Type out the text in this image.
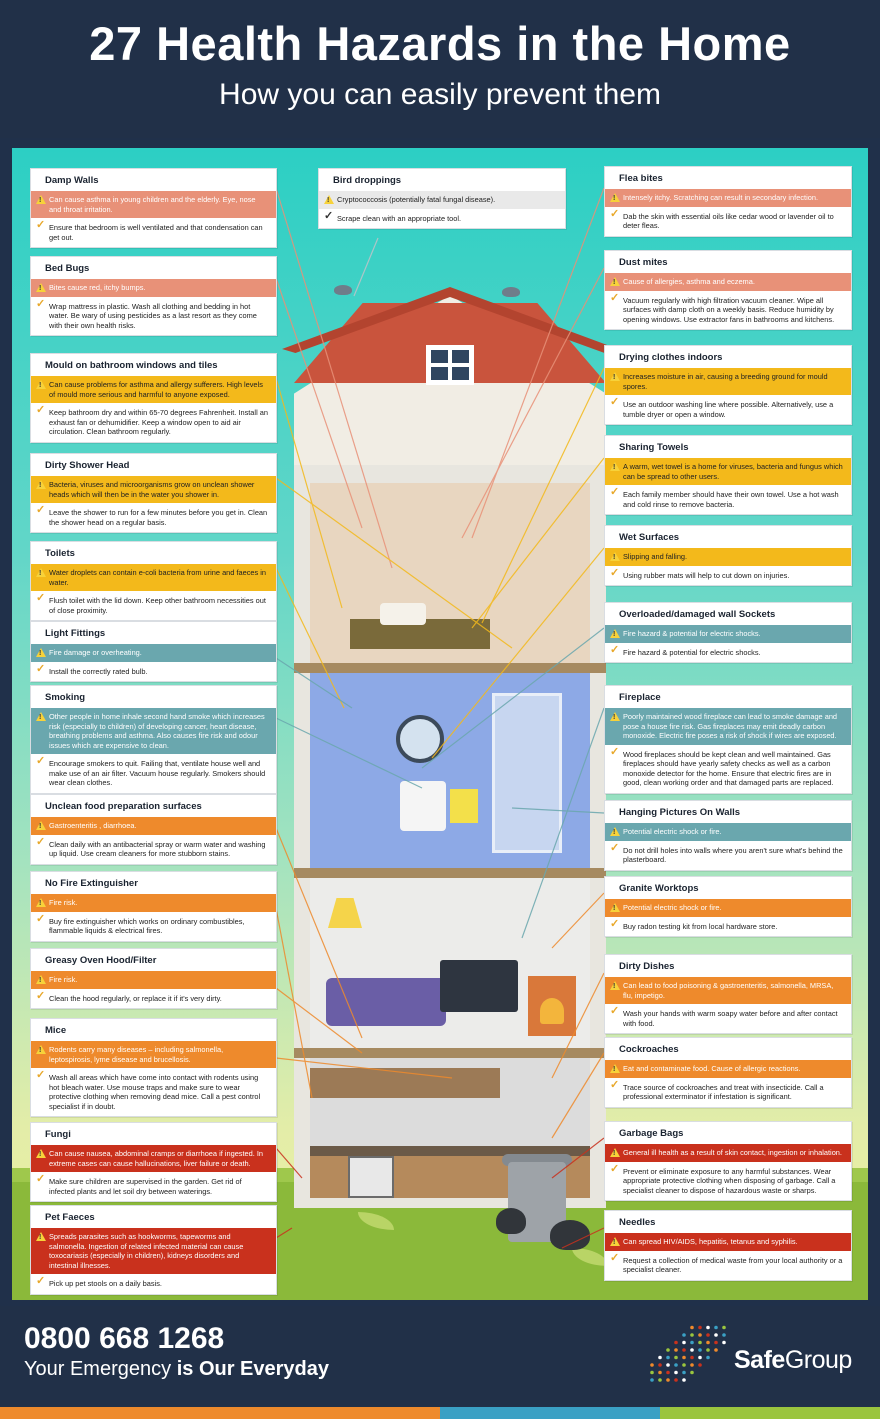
27 Health Hazards in the Home
How you can easily prevent them
Damp Walls
!
Can cause asthma in young children and the elderly. Eye, nose and throat irritation.
✓ Ensure that bedroom is well ventilated and that condensation can get out.
Bed Bugs
!
Bites cause red, itchy bumps.
✓ Wrap mattress in plastic. Wash all clothing and bedding in hot water. Be wary of using pesticides as a last resort as they come with their own health risks.
Mould on bathroom windows and tiles
!
Can cause problems for asthma and allergy sufferers. High levels of mould more serious and harmful to anyone exposed.
✓ Keep bathroom dry and within 65-70 degrees Fahrenheit. Install an exhaust fan or dehumidifier. Keep a window open to aid air circulation. Clean bathroom regularly.
Dirty Shower Head
!
Bacteria, viruses and microorganisms grow on unclean shower heads which will then be in the water you shower in.
✓ Leave the shower to run for a few minutes before you get in. Clean the shower head on a regular basis.
Toilets
!
Water droplets can contain e-coli bacteria from urine and faeces in water.
✓ Flush toilet with the lid down. Keep other bathroom necessities out of close proximity.
Light Fittings
!
Fire damage or overheating.
✓ Install the correctly rated bulb.
Smoking
!
Other people in home inhale second hand smoke which increases risk (especially to children) of developing cancer, heart disease, breathing problems and asthma. Also causes fire risk and odour issues which are expensive to clean.
✓ Encourage smokers to quit. Failing that, ventilate house well and make use of an air filter. Vacuum house regularly. Smokers should wear clean clothes.
Unclean food preparation surfaces
!
Gastroenteritis , diarrhoea.
✓ Clean daily with an antibacterial spray or warm water and washing up liquid. Use cream cleaners for more stubborn stains.
No Fire Extinguisher
!
Fire risk.
✓ Buy fire extinguisher which works on ordinary combustibles, flammable liquids & electrical fires.
Greasy Oven Hood/Filter
!
Fire risk.
✓ Clean the hood regularly, or replace it if it's very dirty.
Mice
!
Rodents carry many diseases – including salmonella, leptospirosis, lyme disease and brucellosis.
✓ Wash all areas which have come into contact with rodents using hot bleach water. Use mouse traps and make sure to wear protective clothing when removing dead mice. Call a pest control specialist if in doubt.
Fungi
!
Can cause nausea, abdominal cramps or diarrhoea if ingested. In extreme cases can cause hallucinations, liver failure or death.
✓ Make sure children are supervised in the garden. Get rid of infected plants and let soil dry between waterings.
Pet Faeces
!
Spreads parasites such as hookworms, tapeworms and salmonella. Ingestion of related infected material can cause toxocariasis (especially in children), kidneys disorders and intestinal illnesses.
✓ Pick up pet stools on a daily basis.
Flea bites
!
Intensely itchy. Scratching can result in secondary infection.
✓ Dab the skin with essential oils like cedar wood or lavender oil to deter fleas.
Dust mites
!
Cause of allergies, asthma and eczema.
✓ Vacuum regularly with high filtration vacuum cleaner. Wipe all surfaces with damp cloth on a weekly basis. Reduce humidity by opening windows. Use extractor fans in bathrooms and kitchens.
Drying clothes indoors
!
Increases moisture in air, causing a breeding ground for mould spores.
✓ Use an outdoor washing line where possible. Alternatively, use a tumble dryer or open a window.
Sharing Towels
!
A warm, wet towel is a home for viruses, bacteria and fungus which can be spread to other users.
✓ Each family member should have their own towel. Use a hot wash and cold rinse to remove bacteria.
Wet Surfaces
!
Slipping and falling.
✓ Using rubber mats will help to cut down on injuries.
Overloaded/damaged wall Sockets
!
Fire hazard & potential for electric shocks.
✓ Fire hazard & potential for electric shocks.
Fireplace
!
Poorly maintained wood fireplace can lead to smoke damage and pose a house fire risk. Gas fireplaces may emit deadly carbon monoxide. Electric fire poses a risk of shock if wires are exposed.
✓ Wood fireplaces should be kept clean and well maintained. Gas fireplaces should have yearly safety checks as well as a carbon monoxide detector for the home. Ensure that electric fires are in good, clean working order and that damaged parts are replaced.
Hanging Pictures On Walls
!
Potential electric shock or fire.
✓ Do not drill holes into walls where you aren't sure what's behind the plasterboard.
Granite Worktops
!
Potential electric shock or fire.
✓ Buy radon testing kit from local hardware store.
Dirty Dishes
!
Can lead to food poisoning & gastroenteritis, salmonella, MRSA, flu, impetigo.
✓ Wash your hands with warm soapy water before and after contact with food.
Cockroaches
!
Eat and contaminate food. Cause of allergic reactions.
✓ Trace source of cockroaches and treat with insecticide. Call a professional exterminator if infestation is significant.
Garbage Bags
!
General ill health as a result of skin contact, ingestion or inhalation.
✓ Prevent or eliminate exposure to any harmful substances. Wear appropriate protective clothing when disposing of garbage. Call a specialist cleaner to dispose of hazardous waste or sharps.
Needles
!
Can spread HIV/AIDS, hepatitis, tetanus and syphilis.
✓ Request a collection of medical waste from your local authority or a specialist cleaner.
Bird droppings
!
Cryptococcosis (potentially fatal fungal disease).
✓ Scrape clean with an appropriate tool.
0800 668 1268
Your Emergency is Our Everyday	SafeGroup
